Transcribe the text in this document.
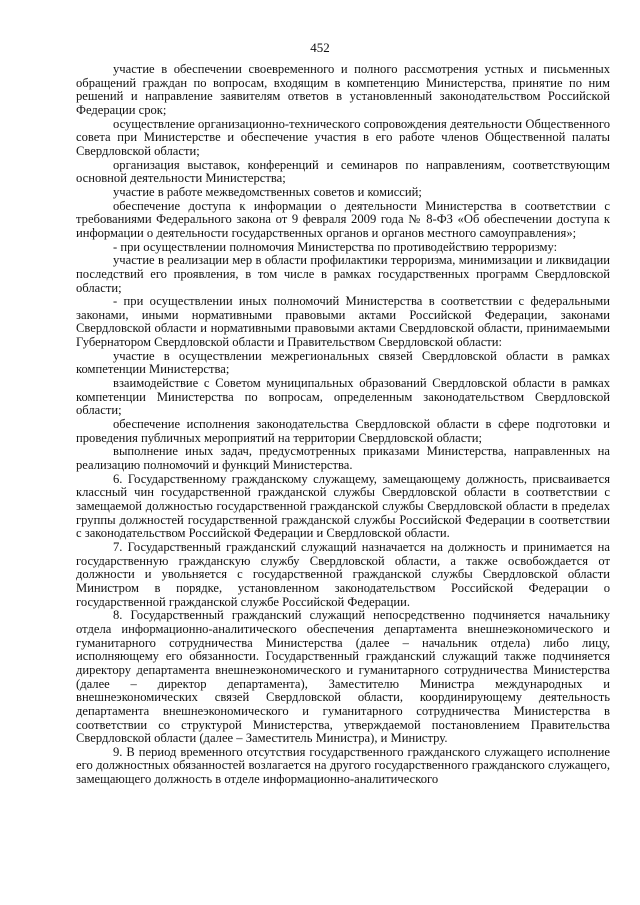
452

участие в обеспечении своевременного и полного рассмотрения устных и письменных обращений граждан по вопросам, входящим в компетенцию Министерства, принятие по ним решений и направление заявителям ответов в установленный законодательством Российской Федерации срок;

осуществление организационно-технического сопровождения деятельности Общественного совета при Министерстве и обеспечение участия в его работе членов Общественной палаты Свердловской области;

организация выставок, конференций и семинаров по направлениям, соответствующим основной деятельности Министерства;

участие в работе межведомственных советов и комиссий;

обеспечение доступа к информации о деятельности Министерства в соответствии с требованиями Федерального закона от 9 февраля 2009 года № 8-ФЗ «Об обеспечении доступа к информации о деятельности государственных органов и органов местного самоуправления»;

- при осуществлении полномочия Министерства по противодействию терроризму:

участие в реализации мер в области профилактики терроризма, минимизации и ликвидации последствий его проявления, в том числе в рамках государственных программ Свердловской области;

- при осуществлении иных полномочий Министерства в соответствии с федеральными законами, иными нормативными правовыми актами Российской Федерации, законами Свердловской области и нормативными правовыми актами Свердловской области, принимаемыми Губернатором Свердловской области и Правительством Свердловской области:

участие в осуществлении межрегиональных связей Свердловской области в рамках компетенции Министерства;

взаимодействие с Советом муниципальных образований Свердловской области в рамках компетенции Министерства по вопросам, определенным законодательством Свердловской области;

обеспечение исполнения законодательства Свердловской области в сфере подготовки и проведения публичных мероприятий на территории Свердловской области;

выполнение иных задач, предусмотренных приказами Министерства, направленных на реализацию полномочий и функций Министерства.

6. Государственному гражданскому служащему, замещающему должность, присваивается классный чин государственной гражданской службы Свердловской области в соответствии с замещаемой должностью государственной гражданской службы Свердловской области в пределах группы должностей государственной гражданской службы Российской Федерации в соответствии с законодательством Российской Федерации и Свердловской области.

7. Государственный гражданский служащий назначается на должность и принимается на государственную гражданскую службу Свердловской области, а также освобождается от должности и увольняется с государственной гражданской службы Свердловской области Министром в порядке, установленном законодательством Российской Федерации о государственной гражданской службе Российской Федерации.

8. Государственный гражданский служащий непосредственно подчиняется начальнику отдела информационно-аналитического обеспечения департамента внешнеэкономического и гуманитарного сотрудничества Министерства (далее – начальник отдела) либо лицу, исполняющему его обязанности. Государственный гражданский служащий также подчиняется директору департамента внешнеэкономического и гуманитарного сотрудничества Министерства (далее – директор департамента), Заместителю Министра международных и внешнеэкономических связей Свердловской области, координирующему деятельность департамента внешнеэкономического и гуманитарного сотрудничества Министерства в соответствии со структурой Министерства, утверждаемой постановлением Правительства Свердловской области (далее – Заместитель Министра), и Министру.

9. В период временного отсутствия государственного гражданского служащего исполнение его должностных обязанностей возлагается на другого государственного гражданского служащего, замещающего должность в отделе информационно-аналитического
